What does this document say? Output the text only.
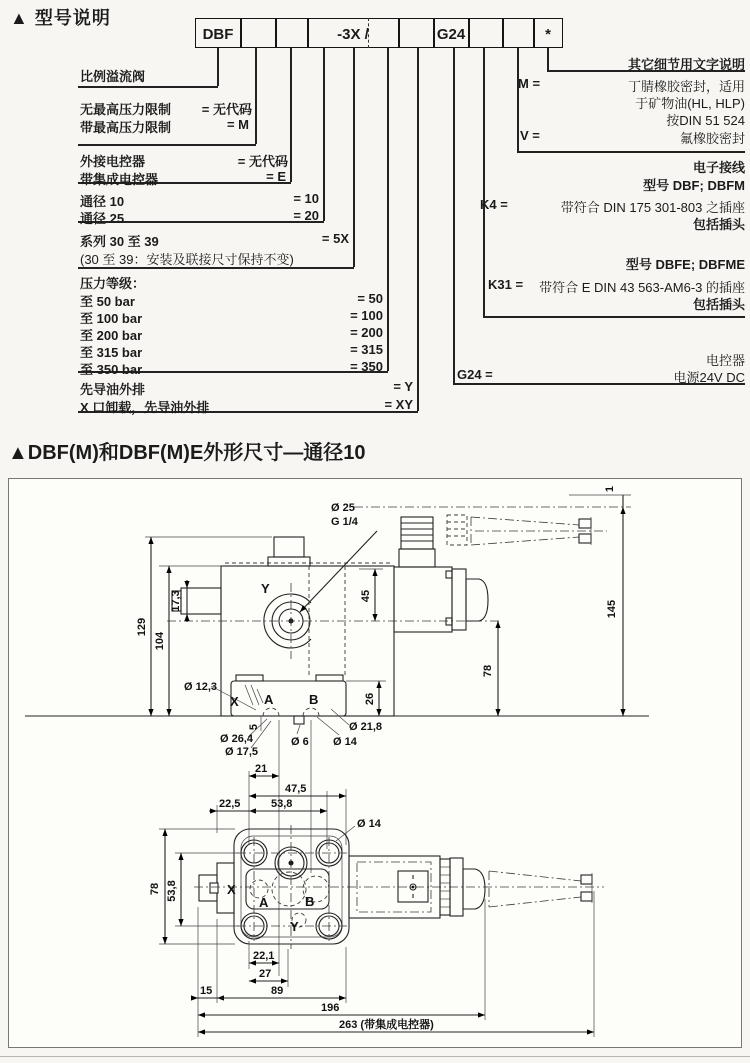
▲ 型号说明
DBF	-3X /	G24	*
比例溢流阀
无最高压力限制	= 无代码
带最高压力限制	= M
外接电控器	= 无代码
带集成电控器	= E
通径 10	= 10
通径 25	= 20
系列 30 至 39	= 5X
(30 至 39：安装及联接尺寸保持不变)
压力等级：
至 50 bar	= 50
至 100 bar	= 100
至 200 bar	= 200
至 315 bar	= 315
至 350 bar	= 350
先导油外排	= Y
X 口卸载，先导油外排	= XY
其它细节用文字说明
M =	丁腈橡胶密封，适用
于矿物油(HL, HLP)
按DIN 51 524
V =	氟橡胶密封
电子接线
型号 DBF; DBFM
K4 =	带符合 DIN 175 301-803 之插座
包括插头
型号 DBFE; DBFME
K31 = 带符合 E DIN 43 563-AM6-3 的插座
包括插头
电控器
G24 =	电源24V DC
▲DBF(M)和DBF(M)E外形尺寸—通径10
Ø 25
G 1/4
Y
X A	B
17,3
129
104
45
26
5
Ø 12,3
Ø 26,4
Ø 17,5
Ø 6 Ø 14
Ø 21,8
78
145
1
21
47,5
22,5	53,8
Ø 14
78 53,8	X
A	B
Y
22,1
27
15	89
196
263 (带集成电控器)
